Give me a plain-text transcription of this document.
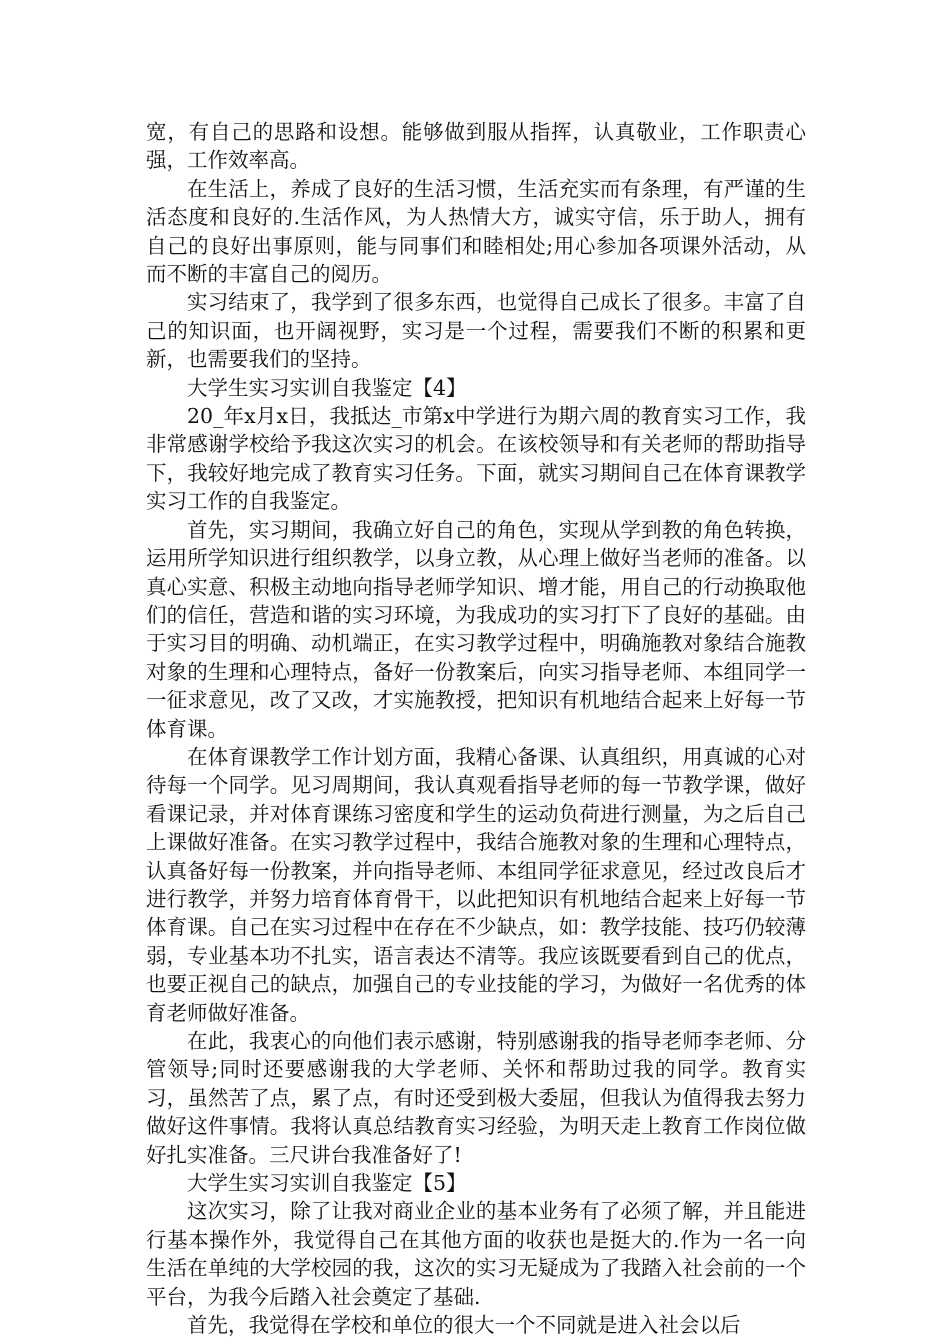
宽，有自己的思路和设想。能够做到服从指挥，认真敬业，工作职责心强，工作效率高。

在生活上，养成了良好的生活习惯，生活充实而有条理，有严谨的生活态度和良好的.生活作风，为人热情大方，诚实守信，乐于助人，拥有自己的良好出事原则，能与同事们和睦相处;用心参加各项课外活动，从而不断的丰富自己的阅历。

实习结束了，我学到了很多东西，也觉得自己成长了很多。丰富了自己的知识面，也开阔视野，实习是一个过程，需要我们不断的积累和更新，也需要我们的坚持。

大学生实习实训自我鉴定【4】

20_年x月x日，我抵达_市第x中学进行为期六周的教育实习工作，我非常感谢学校给予我这次实习的机会。在该校领导和有关老师的帮助指导下，我较好地完成了教育实习任务。下面，就实习期间自己在体育课教学实习工作的自我鉴定。

首先，实习期间，我确立好自己的角色，实现从学到教的角色转换，运用所学知识进行组织教学，以身立教，从心理上做好当老师的准备。以真心实意、积极主动地向指导老师学知识、增才能，用自己的行动换取他们的信任，营造和谐的实习环境，为我成功的实习打下了良好的基础。由于实习目的明确、动机端正，在实习教学过程中，明确施教对象结合施教对象的生理和心理特点，备好一份教案后，向实习指导老师、本组同学一一征求意见，改了又改，才实施教授，把知识有机地结合起来上好每一节体育课。

在体育课教学工作计划方面，我精心备课、认真组织，用真诚的心对待每一个同学。见习周期间，我认真观看指导老师的每一节教学课，做好看课记录，并对体育课练习密度和学生的运动负荷进行测量，为之后自己上课做好准备。在实习教学过程中，我结合施教对象的生理和心理特点，认真备好每一份教案，并向指导老师、本组同学征求意见，经过改良后才进行教学，并努力培育体育骨干，以此把知识有机地结合起来上好每一节体育课。自己在实习过程中在存在不少缺点，如：教学技能、技巧仍较薄弱，专业基本功不扎实，语言表达不清等。我应该既要看到自己的优点，也要正视自己的缺点，加强自己的专业技能的学习，为做好一名优秀的体育老师做好准备。

在此，我衷心的向他们表示感谢，特别感谢我的指导老师李老师、分管领导;同时还要感谢我的大学老师、关怀和帮助过我的同学。教育实习，虽然苦了点，累了点，有时还受到极大委屈，但我认为值得我去努力做好这件事情。我将认真总结教育实习经验，为明天走上教育工作岗位做好扎实准备。三尺讲台我准备好了!

大学生实习实训自我鉴定【5】

这次实习，除了让我对商业企业的基本业务有了必须了解，并且能进行基本操作外，我觉得自己在其他方面的收获也是挺大的.作为一名一向生活在单纯的大学校园的我，这次的实习无疑成为了我踏入社会前的一个平台，为我今后踏入社会奠定了基础.

首先，我觉得在学校和单位的很大一个不同就是进入社会以后
